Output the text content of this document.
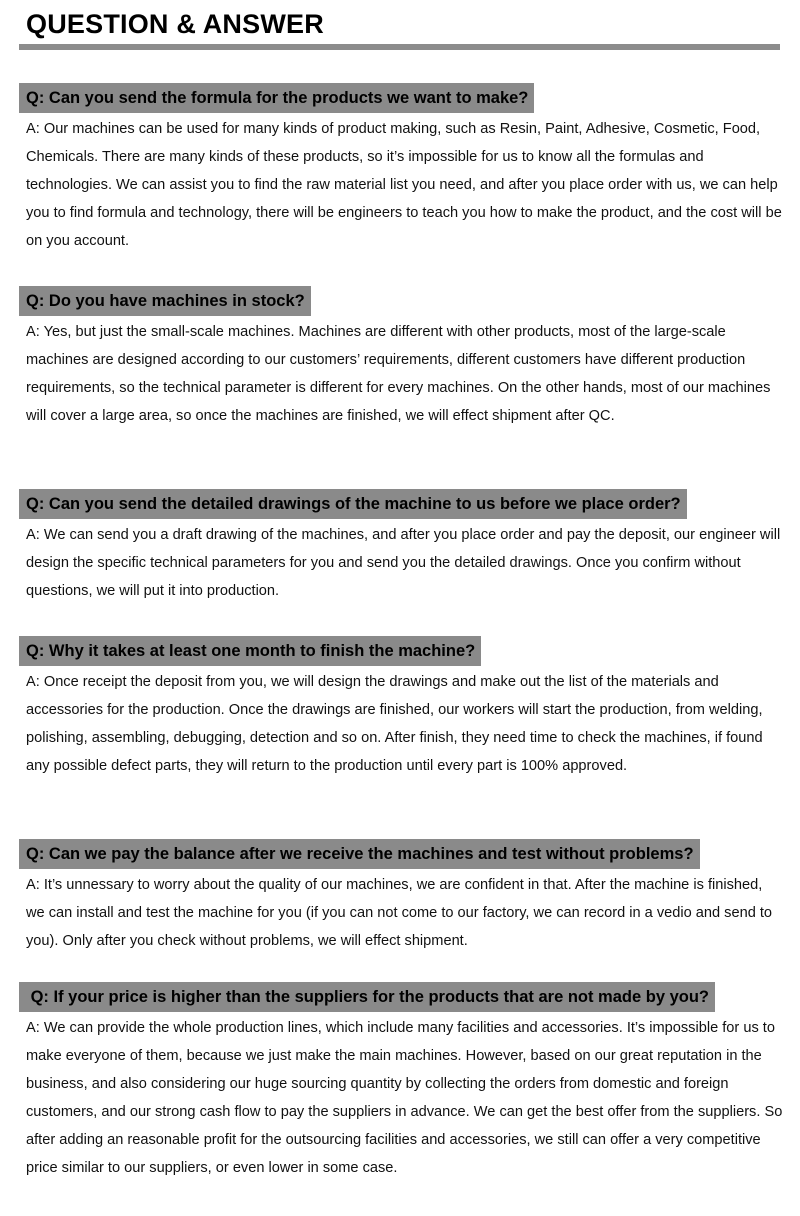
QUESTION & ANSWER
Q: Can you send the formula for the products we want to make?

A: Our machines can be used for many kinds of product making, such as Resin, Paint, Adhesive, Cosmetic, Food, Chemicals. There are many kinds of these products, so it’s impossible for us to know all the formulas and technologies. We can assist you to find the raw material list you need, and after you place order with us, we can help you to find formula and technology, there will be engineers to teach you how to make the product, and the cost will be on you account.

Q: Do you have machines in stock?

A: Yes, but just the small-scale machines. Machines are different with other products, most of the large-scale machines are designed according to our customers’ requirements, different customers have different production requirements, so the technical parameter is different for every machines. On the other hands, most of our machines will cover a large area, so once the machines are finished, we will effect shipment after QC.

Q: Can you send the detailed drawings of the machine to us before we place order?

A: We can send you a draft drawing of the machines, and after you place order and pay the deposit, our engineer will design the specific technical parameters for you and send you the detailed drawings. Once you confirm without questions, we will put it into production.

Q: Why it takes at least one month to finish the machine?

A: Once receipt the deposit from you, we will design the drawings and make out the list of the materials and accessories for the production. Once the drawings are finished, our workers will start the production, from welding, polishing, assembling, debugging, detection and so on. After finish, they need time to check the machines, if found any possible defect parts, they will return to the production until every part is 100% approved.

Q: Can we pay the balance after we receive the machines and test without problems?

A: It’s unnessary to worry about the quality of our machines, we are confident in that. After the machine is finished, we can install and test the machine for you (if you can not come to our factory, we can record in a vedio and send to you). Only after you check without problems, we will effect shipment.

Q: If your price is higher than the suppliers for the products that are not made by you?

A: We can provide the whole production lines, which include many facilities and accessories. It’s impossible for us to make everyone of them, because we just make the main machines. However, based on our great reputation in the business, and also considering our huge sourcing quantity by collecting the orders from domestic and foreign customers, and our strong cash flow to pay the suppliers in advance. We can get the best offer from the suppliers. So after adding an reasonable profit for the outsourcing facilities and accessories, we still can offer a very competitive price similar to our suppliers, or even lower in some case.
